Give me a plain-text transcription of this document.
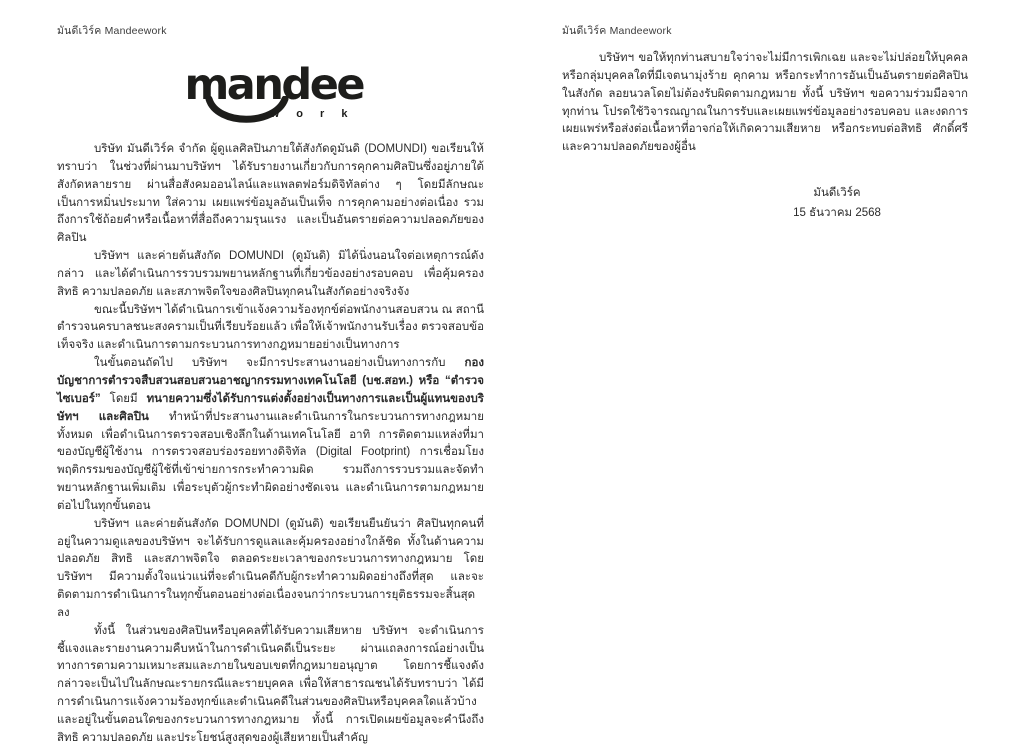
มันดีเวิร์ค Mandeework	มันดีเวิร์ค Mandeework
mandee
w o r k

บริษัท มันดีเวิร์ค จำกัด ผู้ดูแลศิลปินภายใต้สังกัดดูมันดิ (DOMUNDI) ขอเรียนให้ทราบว่า ในช่วงที่ผ่านมาบริษัทฯ ได้รับรายงานเกี่ยวกับการคุกคามศิลปินซึ่งอยู่ภายใต้สังกัดหลายราย ผ่านสื่อสังคมออนไลน์และแพลตฟอร์มดิจิทัลต่าง ๆ โดยมีลักษณะเป็นการหมิ่นประมาท ใส่ความ เผยแพร่ข้อมูลอันเป็นเท็จ การคุกคามอย่างต่อเนื่อง รวมถึงการใช้ถ้อยคำหรือเนื้อหาที่สื่อถึงความรุนแรง และเป็นอันตรายต่อความปลอดภัยของศิลปิน

บริษัทฯ และค่ายต้นสังกัด DOMUNDI (ดูมันดิ) มิได้นิ่งนอนใจต่อเหตุการณ์ดังกล่าว และได้ดำเนินการรวบรวมพยานหลักฐานที่เกี่ยวข้องอย่างรอบคอบ เพื่อคุ้มครองสิทธิ ความปลอดภัย และสภาพจิตใจของศิลปินทุกคนในสังกัดอย่างจริงจัง

ขณะนี้บริษัทฯ ได้ดำเนินการเข้าแจ้งความร้องทุกข์ต่อพนักงานสอบสวน ณ สถานีตำรวจนครบาลชนะสงครามเป็นที่เรียบร้อยแล้ว เพื่อให้เจ้าพนักงานรับเรื่อง ตรวจสอบข้อเท็จจริง และดำเนินการตามกระบวนการทางกฎหมายอย่างเป็นทางการ

ในขั้นตอนถัดไป บริษัทฯ จะมีการประสานงานอย่างเป็นทางการกับ กองบัญชาการตำรวจสืบสวนสอบสวนอาชญากรรมทางเทคโนโลยี (บช.สอท.) หรือ “ตำรวจไซเบอร์” โดยมี ทนายความซึ่งได้รับการแต่งตั้งอย่างเป็นทางการและเป็นผู้แทนของบริษัทฯ และศิลปิน ทำหน้าที่ประสานงานและดำเนินการในกระบวนการทางกฎหมายทั้งหมด เพื่อดำเนินการตรวจสอบเชิงลึกในด้านเทคโนโลยี อาทิ การติดตามแหล่งที่มาของบัญชีผู้ใช้งาน การตรวจสอบร่องรอยทางดิจิทัล (Digital Footprint) การเชื่อมโยงพฤติกรรมของบัญชีผู้ใช้ที่เข้าข่ายการกระทำความผิด รวมถึงการรวบรวมและจัดทำพยานหลักฐานเพิ่มเติม เพื่อระบุตัวผู้กระทำผิดอย่างชัดเจน และดำเนินการตามกฎหมายต่อไปในทุกขั้นตอน

บริษัทฯ และค่ายต้นสังกัด DOMUNDI (ดูมันดิ) ขอเรียนยืนยันว่า ศิลปินทุกคนที่อยู่ในความดูแลของบริษัทฯ จะได้รับการดูแลและคุ้มครองอย่างใกล้ชิด ทั้งในด้านความปลอดภัย สิทธิ และสภาพจิตใจ ตลอดระยะเวลาของกระบวนการทางกฎหมาย โดยบริษัทฯ มีความตั้งใจแน่วแน่ที่จะดำเนินคดีกับผู้กระทำความผิดอย่างถึงที่สุด และจะติดตามการดำเนินการในทุกขั้นตอนอย่างต่อเนื่องจนกว่ากระบวนการยุติธรรมจะสิ้นสุดลง

ทั้งนี้ ในส่วนของศิลปินหรือบุคคลที่ได้รับความเสียหาย บริษัทฯ จะดำเนินการชี้แจงและรายงานความคืบหน้าในการดำเนินคดีเป็นระยะ ผ่านแถลงการณ์อย่างเป็นทางการตามความเหมาะสมและภายในขอบเขตที่กฎหมายอนุญาต โดยการชี้แจงดังกล่าวจะเป็นไปในลักษณะรายกรณีและรายบุคคล เพื่อให้สาธารณชนได้รับทราบว่า ได้มีการดำเนินการแจ้งความร้องทุกข์และดำเนินคดีในส่วนของศิลปินหรือบุคคลใดแล้วบ้าง และอยู่ในขั้นตอนใดของกระบวนการทางกฎหมาย ทั้งนี้ การเปิดเผยข้อมูลจะคำนึงถึงสิทธิ ความปลอดภัย และประโยชน์สูงสุดของผู้เสียหายเป็นสำคัญ

บริษัทฯ ขอให้ทุกท่านสบายใจว่าจะไม่มีการเพิกเฉย และจะไม่ปล่อยให้บุคคลหรือกลุ่มบุคคลใดที่มีเจตนามุ่งร้าย คุกคาม หรือกระทำการอันเป็นอันตรายต่อศิลปินในสังกัด ลอยนวลโดยไม่ต้องรับผิดตามกฎหมาย ทั้งนี้ บริษัทฯ ขอความร่วมมือจากทุกท่าน โปรดใช้วิจารณญาณในการรับและเผยแพร่ข้อมูลอย่างรอบคอบ และงดการเผยแพร่หรือส่งต่อเนื้อหาที่อาจก่อให้เกิดความเสียหาย หรือกระทบต่อสิทธิ ศักดิ์ศรี และความปลอดภัยของผู้อื่น

มันดีเวิร์ค
15 ธันวาคม 2568
